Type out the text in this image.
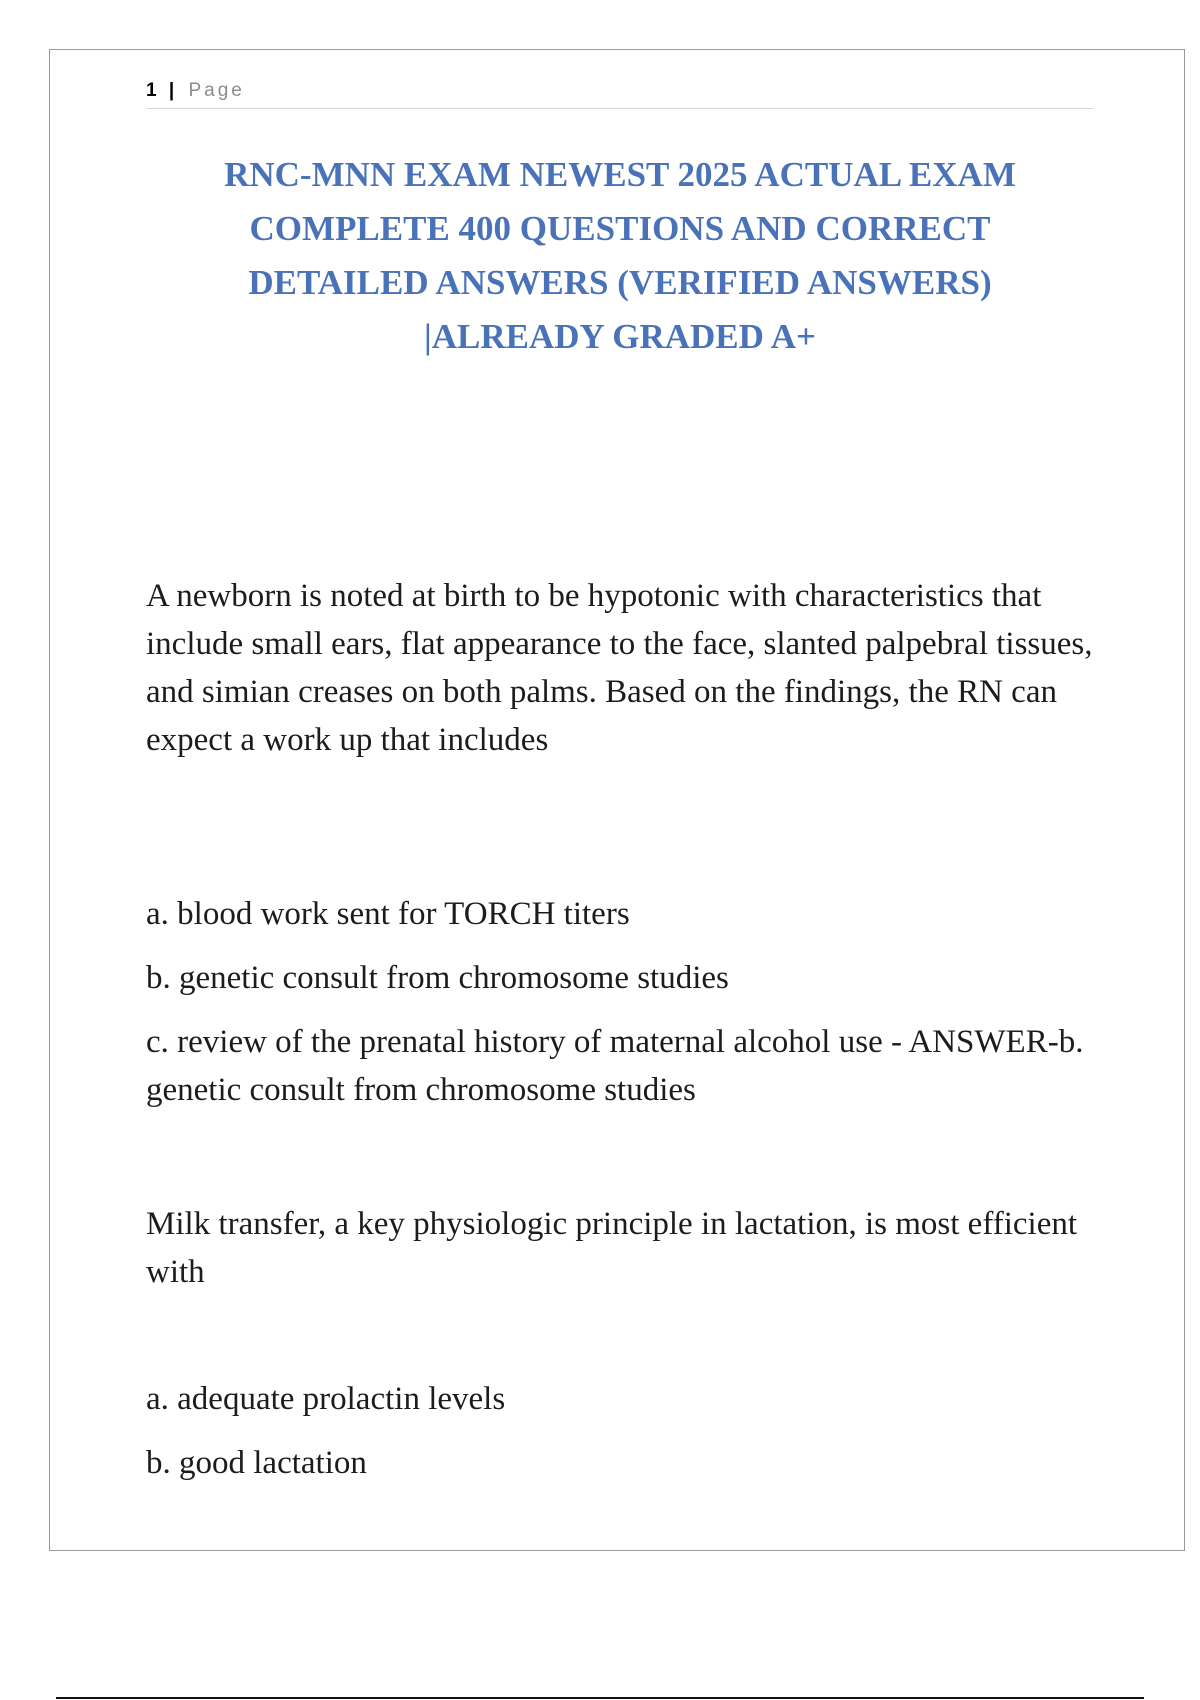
1 | Page
RNC-MNN EXAM NEWEST 2025 ACTUAL EXAM
COMPLETE 400 QUESTIONS AND CORRECT
DETAILED ANSWERS (VERIFIED ANSWERS)
|ALREADY GRADED A+
A newborn is noted at birth to be hypotonic with characteristics that include small ears, flat appearance to the face, slanted palpebral tissues, and simian creases on both palms. Based on the findings, the RN can expect a work up that includes
a. blood work sent for TORCH titers
b. genetic consult from chromosome studies
c. review of the prenatal history of maternal alcohol use - ANSWER-b. genetic consult from chromosome studies
Milk transfer, a key physiologic principle in lactation, is most efficient with
a. adequate prolactin levels
b. good lactation
